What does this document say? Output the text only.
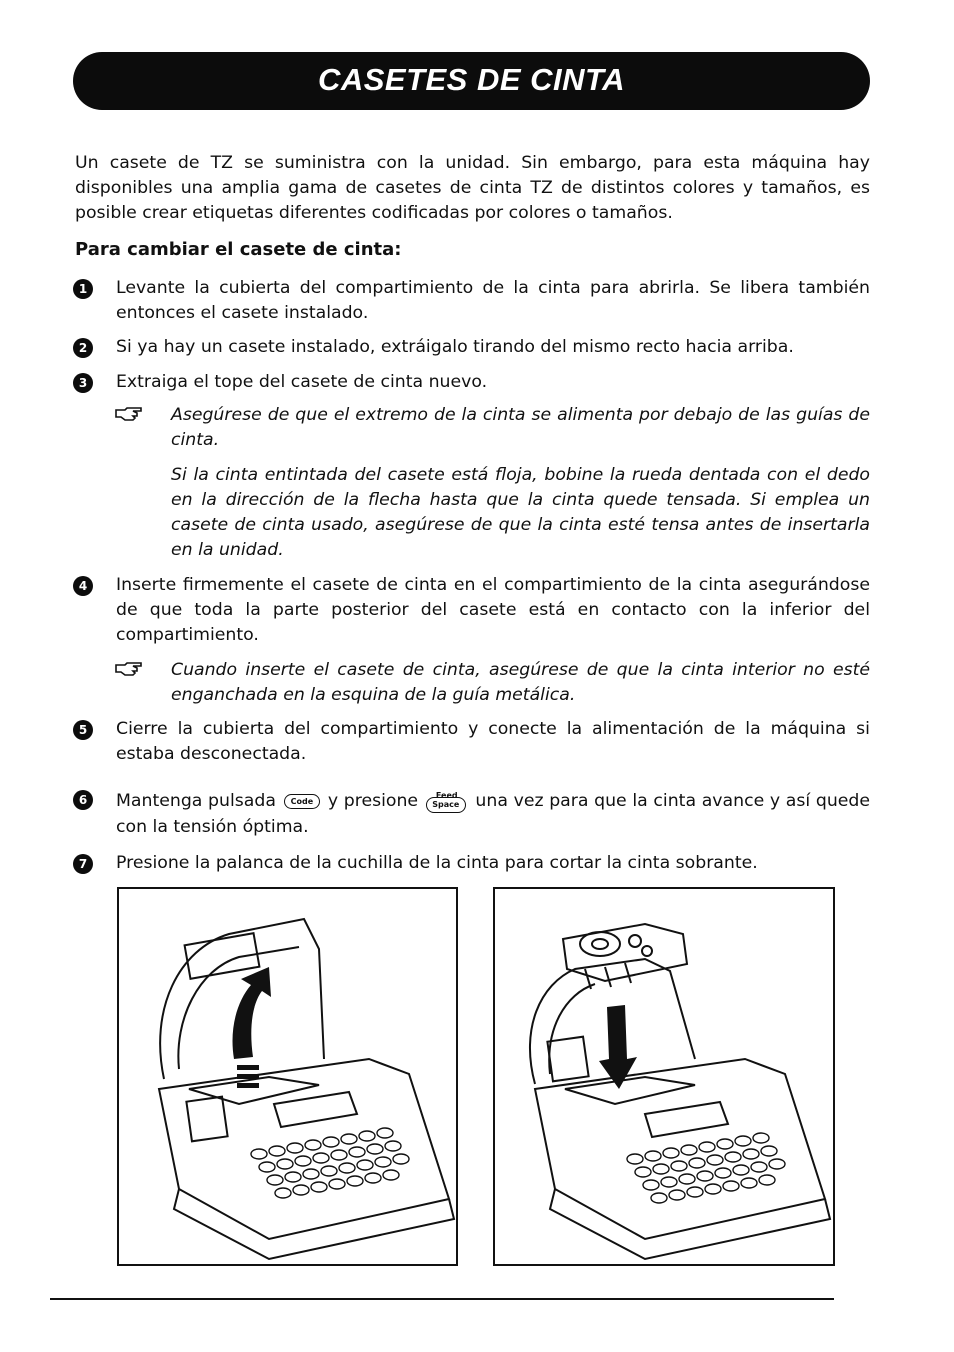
CASETES DE CINTA

Un casete de TZ se suministra con la unidad. Sin embargo, para esta máquina hay disponibles una amplia gama de casetes de cinta TZ de distintos colores y tamaños, es posible crear etiquetas diferentes codificadas por colores o tamaños.

Para cambiar el casete de cinta:

1	Levante la cubierta del compartimiento de la cinta para abrirla. Se libera también entonces el casete instalado.
2	Si ya hay un casete instalado, extráigalo tirando del mismo recto hacia arriba.
3	Extraiga el tope del casete de cinta nuevo.
Asegúrese de que el extremo de la cinta se alimenta por debajo de las guías de cinta.
Si la cinta entintada del casete está floja, bobine la rueda dentada con el dedo en la dirección de la flecha hasta que la cinta quede tensada. Si emplea un casete de cinta usado, asegúrese de que la cinta esté tensa antes de insertarla en la unidad.
4	Inserte firmemente el casete de cinta en el compartimiento de la cinta asegurándose de que toda la parte posterior del casete está en contacto con la inferior del compartimiento.
Cuando inserte el casete de cinta, asegúrese de que la cinta interior no esté enganchada en la esquina de la guía metálica.
5	Cierre la cubierta del compartimiento y conecte la alimentación de la máquina si estaba desconectada.
6	Mantenga pulsada Code y presione	Feed
Space una vez para que la cinta avance y así quede con la tensión óptima.
7	Presione la palanca de la cuchilla de la cinta para cortar la cinta sobrante.
